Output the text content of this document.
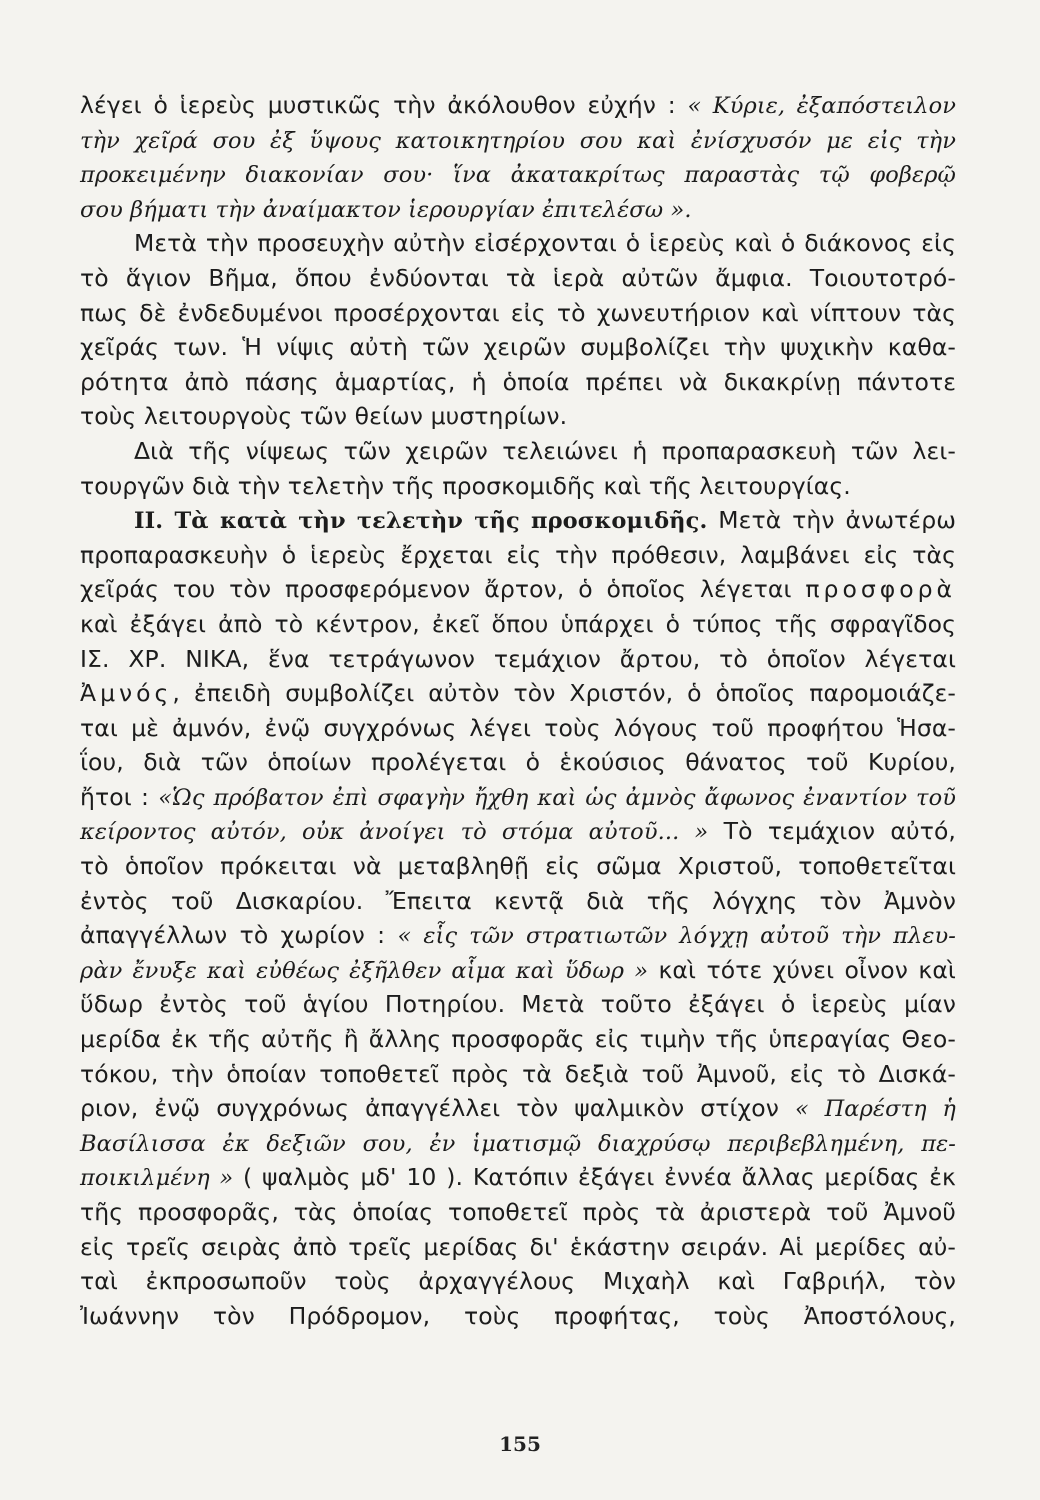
λέγει ὁ ἱερεὺς μυστικῶς τὴν ἀκόλουθον εὐχήν : « Κύριε, ἐξαπόστειλον
τὴν χεῖρά σου ἐξ ὕψους κατοικητηρίου σου καὶ ἐνίσχυσόν με εἰς τὴν
προκειμένην διακονίαν σου· ἵνα ἀκατακρίτως παραστὰς τῷ φοβερῷ
σου βήματι τὴν ἀναίμακτον ἱερουργίαν ἐπιτελέσω ».
Μετὰ τὴν προσευχὴν αὐτὴν εἰσέρχονται ὁ ἱερεὺς καὶ ὁ διάκονος εἰς
τὸ ἅγιον Βῆμα, ὅπου ἐνδύονται τὰ ἱερὰ αὐτῶν ἄμφια. Τοιουτοτρό-
πως δὲ ἐνδεδυμένοι προσέρχονται εἰς τὸ χωνευτήριον καὶ νίπτουν τὰς
χεῖράς των. Ἡ νίψις αὐτὴ τῶν χειρῶν συμβολίζει τὴν ψυχικὴν καθα-
ρότητα ἀπὸ πάσης ἁμαρτίας, ἡ ὁποία πρέπει νὰ δικακρίνῃ πάντοτε
τοὺς λειτουργοὺς τῶν θείων μυστηρίων.
Διὰ τῆς νίψεως τῶν χειρῶν τελειώνει ἡ προπαρασκευὴ τῶν λει-
τουργῶν διὰ τὴν τελετὴν τῆς προσκομιδῆς καὶ τῆς λειτουργίας.
ΙΙ. Τὰ κατὰ τὴν τελετὴν τῆς προσκομιδῆς. Μετὰ τὴν ἀνωτέρω
προπαρασκευὴν ὁ ἱερεὺς ἔρχεται εἰς τὴν πρόθεσιν, λαμβάνει εἰς τὰς
χεῖράς του τὸν προσφερόμενον ἄρτον, ὁ ὁποῖος λέγεται προσφορὰ
καὶ ἐξάγει ἀπὸ τὸ κέντρον, ἐκεῖ ὅπου ὑπάρχει ὁ τύπος τῆς σφραγῖδος
ΙΣ. ΧΡ. ΝΙΚΑ, ἕνα τετράγωνον τεμάχιον ἄρτου, τὸ ὁποῖον λέγεται
Ἀμνός, ἐπειδὴ συμβολίζει αὐτὸν τὸν Χριστόν, ὁ ὁποῖος παρομοιάζε-
ται μὲ ἀμνόν, ἐνῷ συγχρόνως λέγει τοὺς λόγους τοῦ προφήτου Ἡσα-
ΐου, διὰ τῶν ὁποίων προλέγεται ὁ ἑκούσιος θάνατος τοῦ Κυρίου,
ἤτοι : «Ὡς πρόβατον ἐπὶ σφαγὴν ἤχθη καὶ ὡς ἀμνὸς ἄφωνος ἐναντίον τοῦ
κείροντος αὐτόν, οὐκ ἀνοίγει τὸ στόμα αὐτοῦ... » Τὸ τεμάχιον αὐτό,
τὸ ὁποῖον πρόκειται νὰ μεταβληθῇ εἰς σῶμα Χριστοῦ, τοποθετεῖται
ἐντὸς τοῦ Δισκαρίου. Ἔπειτα κεντᾷ διὰ τῆς λόγχης τὸν Ἀμνὸν
ἀπαγγέλλων τὸ χωρίον : « εἷς τῶν στρατιωτῶν λόγχῃ αὐτοῦ τὴν πλευ-
ρὰν ἔνυξε καὶ εὐθέως ἐξῆλθεν αἷμα καὶ ὕδωρ » καὶ τότε χύνει οἶνον καὶ
ὕδωρ ἐντὸς τοῦ ἁγίου Ποτηρίου. Μετὰ τοῦτο ἐξάγει ὁ ἱερεὺς μίαν
μερίδα ἐκ τῆς αὐτῆς ἢ ἄλλης προσφορᾶς εἰς τιμὴν τῆς ὑπεραγίας Θεο-
τόκου, τὴν ὁποίαν τοποθετεῖ πρὸς τὰ δεξιὰ τοῦ Ἀμνοῦ, εἰς τὸ Δισκά-
ριον, ἐνῷ συγχρόνως ἀπαγγέλλει τὸν ψαλμικὸν στίχον « Παρέστη ἡ
Βασίλισσα ἐκ δεξιῶν σου, ἐν ἱματισμῷ διαχρύσῳ περιβεβλημένη, πε-
ποικιλμένη » ( ψαλμὸς μδ' 10 ). Κατόπιν ἐξάγει ἐννέα ἄλλας μερίδας ἐκ
τῆς προσφορᾶς, τὰς ὁποίας τοποθετεῖ πρὸς τὰ ἀριστερὰ τοῦ Ἀμνοῦ
εἰς τρεῖς σειρὰς ἀπὸ τρεῖς μερίδας δι' ἑκάστην σειράν. Αἱ μερίδες αὐ-
ταὶ ἐκπροσωποῦν τοὺς ἀρχαγγέλους Μιχαὴλ καὶ Γαβριήλ, τὸν
Ἰωάννην τὸν Πρόδρομον, τοὺς προφήτας, τοὺς Ἀποστόλους,
155
